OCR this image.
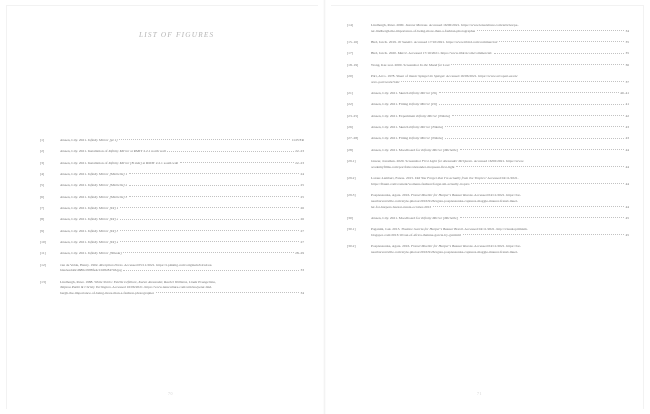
LIST OF FIGURES
[1]	Alssen, Lily. 2021. Infinity Mirror [pt 1]	COVER
[2]	Alssen, Lily. 2021. Installation of Infinity Mirror at RMIT 2.2.1 north wall	22–23
[3]	Alssen, Lily. 2021. Installation of Infinity Mirror [B side] at RMIT 2.2.1 south wall	22–23
[4]	Alssen, Lily. 2021. Infinity Mirror [Michelle] 1	24
[5]	Alssen, Lily. 2021. Infinity Mirror [Michelle] 2	25
[6]	Alssen, Lily. 2021. Infinity Mirror [Michelle] 3	25
[7]	Alssen, Lily. 2021. Infinity Mirror [Di] 1	26
[8]	Alssen, Lily. 2021. Infinity Mirror [Di] 2	26
[9]	Alssen, Lily. 2021. Infinity Mirror [Di] 3	27
[10]	Alssen, Lily. 2021. Infinity Mirror [Di] 4	27
[11]	Alssen, Lily. 2021. Infinity Mirror [Nikola]	28–29
[12]	van de Velde, Henry. 1902. Reception Dress. Accessed 05/11/2021. https://i.pinimg.com/originals/b4/a2/ea/
b4a2ead4dcd686cd588fe4c1028c84746.jpg	33
[13]	Lindbergh, Peter. 1988. White Shirts: Estélle Léfébure, Karen Alexander, Rachel Williams, Linda Evangelista,
Tatjana Patitz & Christy Turlington. Accessed 16/06/2021. https://www.lensculture.com/articles/peter-lind-
bergh-the-importance-of-being-more-than-a-fashion-photographer	34
70
[14]	Lindbergh, Peter. 2000. Jeanne Moreau. Accessed 16/06/2021. https://www.lensculture.com/articles/pe-
ter-lindbergh-the-importance-of-being-more-than-a-fashion-photographer	34
[15–16]	Bird, Ian K. 2019. Jil Sander. Accessed 17/10/2021. https://www.itbird.com/commercial/	35
[17]	Bird, Ian K. 2020. Marcé. Accessed 17/10/2021. https://www.itbird.com/commercial/	35
[18–19]	Wong, Kar-wai. 2000. Screenshot In the Mood for Love	36
[20]	Pärt, Arvo. 1978. Sheet of music Spiegel im Spiegel. Accessed 16/06/2021. https://www.arvopart.ee/en/
arvo-part/work/544/	37
[21]	Alssen, Lily. 2021. Sketch Infinity Mirror [Di]	40–41
[22]	Alssen, Lily. 2021. Fitting Infinity Mirror [Di]	41
[23–25]	Alssen, Lily. 2021. Experiment Infinity Mirror [Nikola]	42
[26]	Alssen, Lily. 2021. Sketch Infinity Mirror [Nikola]	43
[27–28]	Alssen, Lily. 2021. Fitting Infinity Mirror [Nikola]	43
[28]	Alssen, Lily. 2021. Moodboard for Infinity Mirror [Michelle]	44
[29.1]	Glazer, Jonathan. 2020. Screenshot First Light for Alexander McQueen. Accessed 16/06/2021. https://www.
academyfilms.com/portfolio/alexander-mcqueen-first-light	44
[29.2]	Latour-Lambert, Fanou. 2015. Did You Forget that I'm actually from the Tropics? Accessed 04/11/2021.
https://flaunt.com/content/womens-fashion/forget-im-actually-tropics	44
[29.3]	Pospieszonka, Agata. 2016. Franzi Mueller for Harper's Bazaar Russia. Accessed 04/11/2021. https://lar-
nearbarversville.com/style-photos/2016/9/26/agata-pospieszonka-captures-maggie-maurer-franzi-muel-
ler-for-harpers-bazaar-russia-october-2016	44
[30]	Alssen, Lily. 2021. Moodboard for Infinity Mirror [Michelle]	45
[30.1]	Paganini, Gui. 2013. Thainne Garcia for Harper's Bazaar Brasil. Accessed 04/11/2021. http://visualoptimism.
blogspot.com/2013/10/out-of-africa-thainne-garcia-by-gui.html	45
[30.2]	Pospieszonka, Agata. 2016. Franzi Mueller for Harper's Bazaar Russia. Accessed 04/11/2021. https://lar-
nearbarversville.com/style-photos/2016/9/26/agata-pospieszonka-captures-maggie-maurer-franzi-muel-
71
